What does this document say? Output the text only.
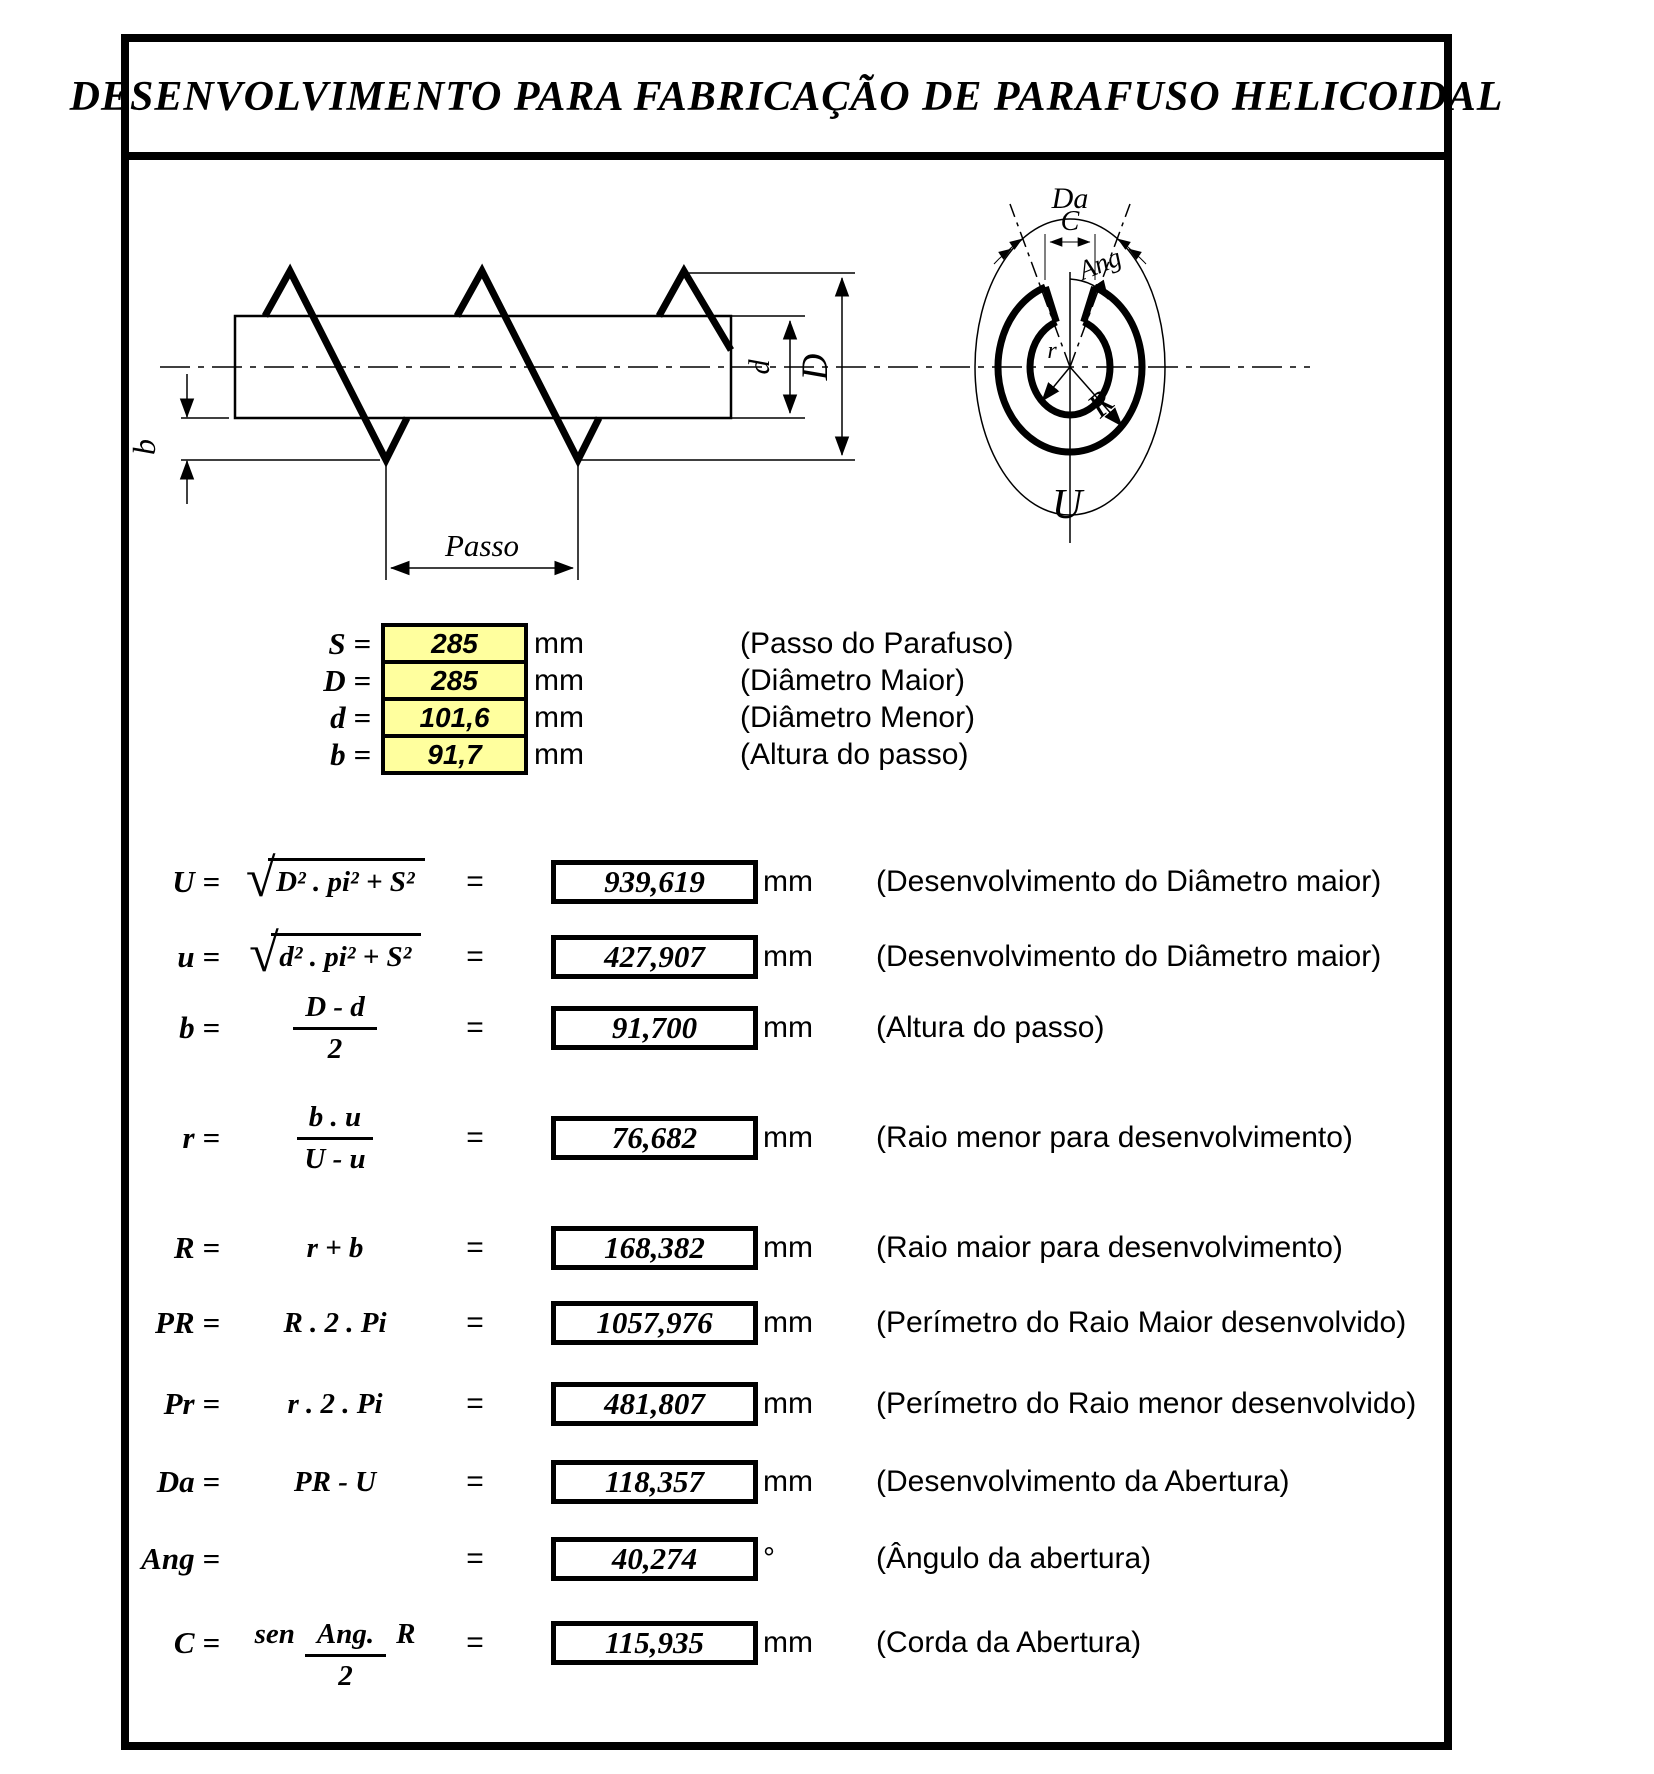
DESENVOLVIMENTO PARA FABRICAÇÃO DE PARAFUSO HELICOIDAL
b
d D
Passo
Da
C
Ang
r
R
U
S =	285 mm	(Passo do Parafuso)
D =	285 mm	(Diâmetro Maior)
d =	101,6 mm	(Diâmetro Menor)
b =	91,7 mm	(Altura do passo)
U = √ D² . pi² + S²	=	939,619 mm	(Desenvolvimento do Diâmetro maior)
u = √ d² . pi² + S²	=	427,907 mm	(Desenvolvimento do Diâmetro maior)
b =	$\frac{D - d}{2}$	=	91,700 mm	(Altura do passo)
r =	$\frac{b . u}{U - u}$	=	76,682 mm	(Raio menor para desenvolvimento)
R =	r + b	=	168,382 mm	(Raio maior para desenvolvimento)
PR = R . 2 . Pi	=	1057,976 mm	(Perímetro do Raio Maior desenvolvido)
Pr = r . 2 . Pi	=	481,807 mm	(Perímetro do Raio menor desenvolvido)
Da =	PR - U	=	118,357 mm	(Desenvolvimento da Abertura)
Ang =	=	40,274 °	(Ângulo da abertura)
C = sen $\frac{\text{Ang.}}{2}$ R	=	115,935 mm	(Corda da Abertura)
